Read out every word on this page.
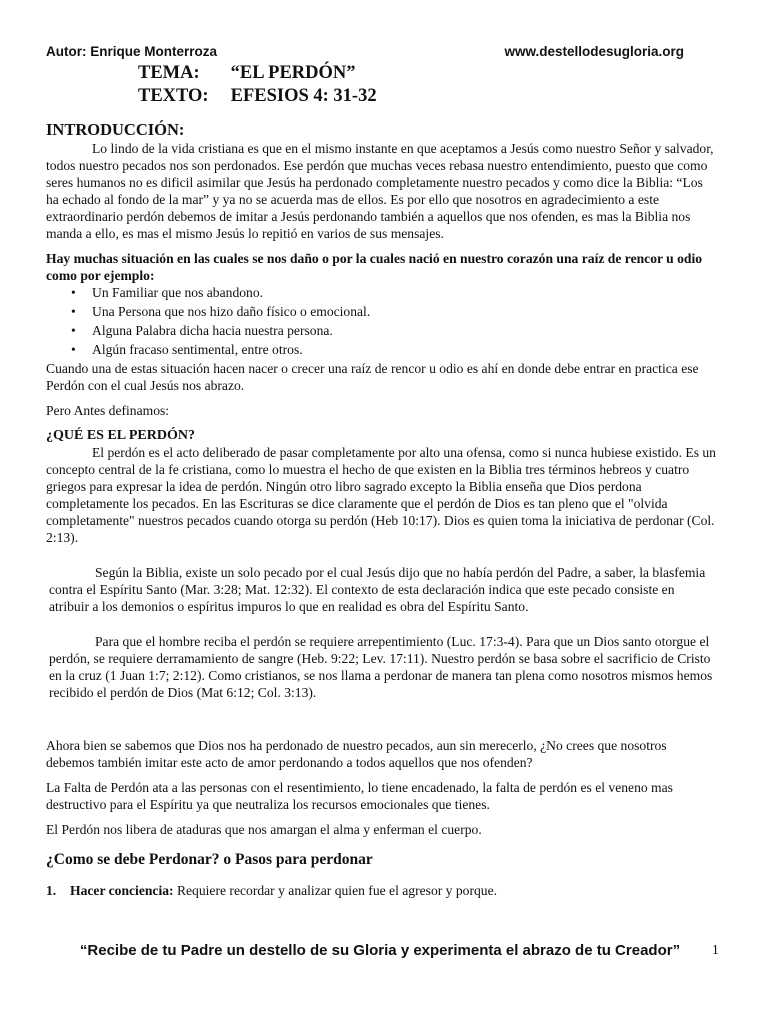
Autor: Enrique Monterroza	www.destellodesugloria.org
TEMA: “EL PERDÓN”
TEXTO: EFESIOS 4: 31-32

INTRODUCCIÓN:

Lo lindo de la vida cristiana es que en el mismo instante en que aceptamos a Jesús como nuestro Señor y salvador, todos nuestro pecados nos son perdonados. Ese perdón que muchas veces rebasa nuestro entendimiento, puesto que como seres humanos no es dificil asimilar que Jesús ha perdonado completamente nuestro pecados y como dice la Biblia: “Los ha echado al fondo de la mar” y ya no se acuerda mas de ellos. Es por ello que nosotros en agradecimiento a este extraordinario perdón debemos de imitar a Jesús perdonando también a aquellos que nos ofenden, es mas la Biblia nos manda a ello, es mas el mismo Jesús lo repitió en varios de sus mensajes.

Hay muchas situación en las cuales se nos daño o por la cuales nació en nuestro corazón una raíz de rencor u odio como por ejemplo:

• Un Familiar que nos abandono.
• Una Persona que nos hizo daño físico o emocional.
• Alguna Palabra dicha hacia nuestra persona.
• Algún fracaso sentimental, entre otros.

Cuando una de estas situación hacen nacer o crecer una raíz de rencor u odio es ahí en donde debe entrar en practica ese Perdón con el cual Jesús nos abrazo.

Pero Antes definamos:

¿QUÉ ES EL PERDÓN?

El perdón es el acto deliberado de pasar completamente por alto una ofensa, como si nunca hubiese existido. Es un concepto central de la fe cristiana, como lo muestra el hecho de que existen en la Biblia tres términos hebreos y cuatro griegos para expresar la idea de perdón. Ningún otro libro sagrado excepto la Biblia enseña que Dios perdona completamente los pecados. En las Escrituras se dice claramente que el perdón de Dios es tan pleno que el "olvida completamente" nuestros pecados cuando otorga su perdón (Heb 10:17). Dios es quien toma la iniciativa de perdonar (Col. 2:13).

Según la Biblia, existe un solo pecado por el cual Jesús dijo que no había perdón del Padre, a saber, la blasfemia contra el Espíritu Santo (Mar. 3:28; Mat. 12:32). El contexto de esta declaración indica que este pecado consiste en atribuir a los demonios o espíritus impuros lo que en realidad es obra del Espíritu Santo.

Para que el hombre reciba el perdón se requiere arrepentimiento (Luc. 17:3-4). Para que un Dios santo otorgue el perdón, se requiere derramamiento de sangre (Heb. 9:22; Lev. 17:11). Nuestro perdón se basa sobre el sacrificio de Cristo en la cruz (1 Juan 1:7; 2:12). Como cristianos, se nos llama a perdonar de manera tan plena como nosotros mismos hemos recibido el perdón de Dios (Mat 6:12; Col. 3:13).

Ahora bien se sabemos que Dios nos ha perdonado de nuestro pecados, aun sin merecerlo, ¿No crees que nosotros debemos también imitar este acto de amor perdonando a todos aquellos que nos ofenden?

La Falta de Perdón ata a las personas con el resentimiento, lo tiene encadenado, la falta de perdón es el veneno mas destructivo para el Espíritu ya que neutraliza los recursos emocionales que tienes.

El Perdón nos libera de ataduras que nos amargan el alma y enferman el cuerpo.

¿Como se debe Perdonar? o Pasos para perdonar

1. Hacer conciencia: Requiere recordar y analizar quien fue el agresor y porque.
“Recibe de tu Padre un destello de su Gloria y experimenta el abrazo de tu Creador”	1
